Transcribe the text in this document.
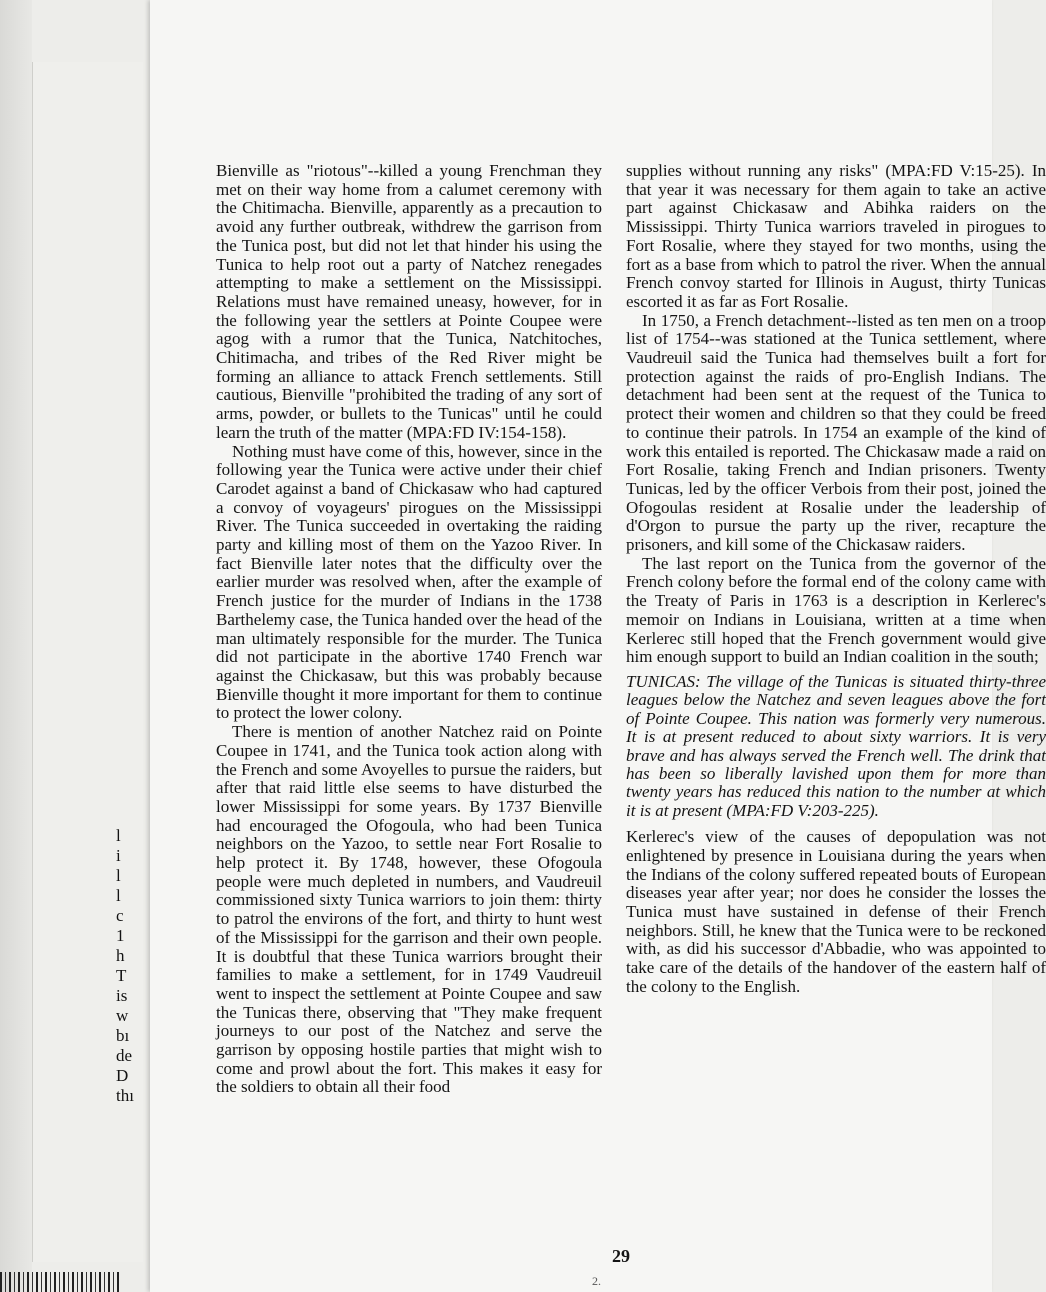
l
i
l
l
c
1
h
T
is
w
bı
de
D
thı

Bienville as "riotous"--killed a young Frenchman they met on their way home from a calumet ceremony with the Chitimacha. Bienville, apparently as a precaution to avoid any further outbreak, withdrew the garrison from the Tunica post, but did not let that hinder his using the Tunica to help root out a party of Natchez renegades attempting to make a settlement on the Mississippi. Relations must have remained uneasy, however, for in the following year the settlers at Pointe Coupee were agog with a rumor that the Tunica, Natchitoches, Chitimacha, and tribes of the Red River might be forming an alliance to attack French settlements. Still cautious, Bienville "prohibited the trading of any sort of arms, powder, or bullets to the Tunicas" until he could learn the truth of the matter (MPA:FD IV:154-158).

Nothing must have come of this, however, since in the following year the Tunica were active under their chief Carodet against a band of Chickasaw who had captured a convoy of voyageurs' pirogues on the Mississippi River. The Tunica succeeded in overtaking the raiding party and killing most of them on the Yazoo River. In fact Bienville later notes that the difficulty over the earlier murder was resolved when, after the example of French justice for the murder of Indians in the 1738 Barthelemy case, the Tunica handed over the head of the man ultimately responsible for the murder. The Tunica did not participate in the abortive 1740 French war against the Chickasaw, but this was probably because Bienville thought it more important for them to continue to protect the lower colony.

There is mention of another Natchez raid on Pointe Coupee in 1741, and the Tunica took action along with the French and some Avoyelles to pursue the raiders, but after that raid little else seems to have disturbed the lower Mississippi for some years. By 1737 Bienville had encouraged the Ofogoula, who had been Tunica neighbors on the Yazoo, to settle near Fort Rosalie to help protect it. By 1748, however, these Ofogoula people were much depleted in numbers, and Vaudreuil commissioned sixty Tunica warriors to join them: thirty to patrol the environs of the fort, and thirty to hunt west of the Mississippi for the garrison and their own people. It is doubtful that these Tunica warriors brought their families to make a settlement, for in 1749 Vaudreuil went to inspect the settlement at Pointe Coupee and saw the Tunicas there, observing that "They make frequent journeys to our post of the Natchez and serve the garrison by opposing hostile parties that might wish to come and prowl about the fort. This makes it easy for the soldiers to obtain all their food

supplies without running any risks" (MPA:FD V:15-25). In that year it was necessary for them again to take an active part against Chickasaw and Abihka raiders on the Mississippi. Thirty Tunica warriors traveled in pirogues to Fort Rosalie, where they stayed for two months, using the fort as a base from which to patrol the river. When the annual French convoy started for Illinois in August, thirty Tunicas escorted it as far as Fort Rosalie.

In 1750, a French detachment--listed as ten men on a troop list of 1754--was stationed at the Tunica settlement, where Vaudreuil said the Tunica had themselves built a fort for protection against the raids of pro-English Indians. The detachment had been sent at the request of the Tunica to protect their women and children so that they could be freed to continue their patrols. In 1754 an example of the kind of work this entailed is reported. The Chickasaw made a raid on Fort Rosalie, taking French and Indian prisoners. Twenty Tunicas, led by the officer Verbois from their post, joined the Ofogoulas resident at Rosalie under the leadership of d'Orgon to pursue the party up the river, recapture the prisoners, and kill some of the Chickasaw raiders.

The last report on the Tunica from the governor of the French colony before the formal end of the colony came with the Treaty of Paris in 1763 is a description in Kerlerec's memoir on Indians in Louisiana, written at a time when Kerlerec still hoped that the French government would give him enough support to build an Indian coalition in the south;

TUNICAS: The village of the Tunicas is situated thirty-three leagues below the Natchez and seven leagues above the fort of Pointe Coupee. This nation was formerly very numerous. It is at present reduced to about sixty warriors. It is very brave and has always served the French well. The drink that has been so liberally lavished upon them for more than twenty years has reduced this nation to the number at which it is at present (MPA:FD V:203-225).

Kerlerec's view of the causes of depopulation was not enlightened by presence in Louisiana during the years when the Indians of the colony suffered repeated bouts of European diseases year after year; nor does he consider the losses the Tunica must have sustained in defense of their French neighbors. Still, he knew that the Tunica were to be reckoned with, as did his successor d'Abbadie, who was appointed to take care of the details of the handover of the eastern half of the colony to the English.

29
2.
